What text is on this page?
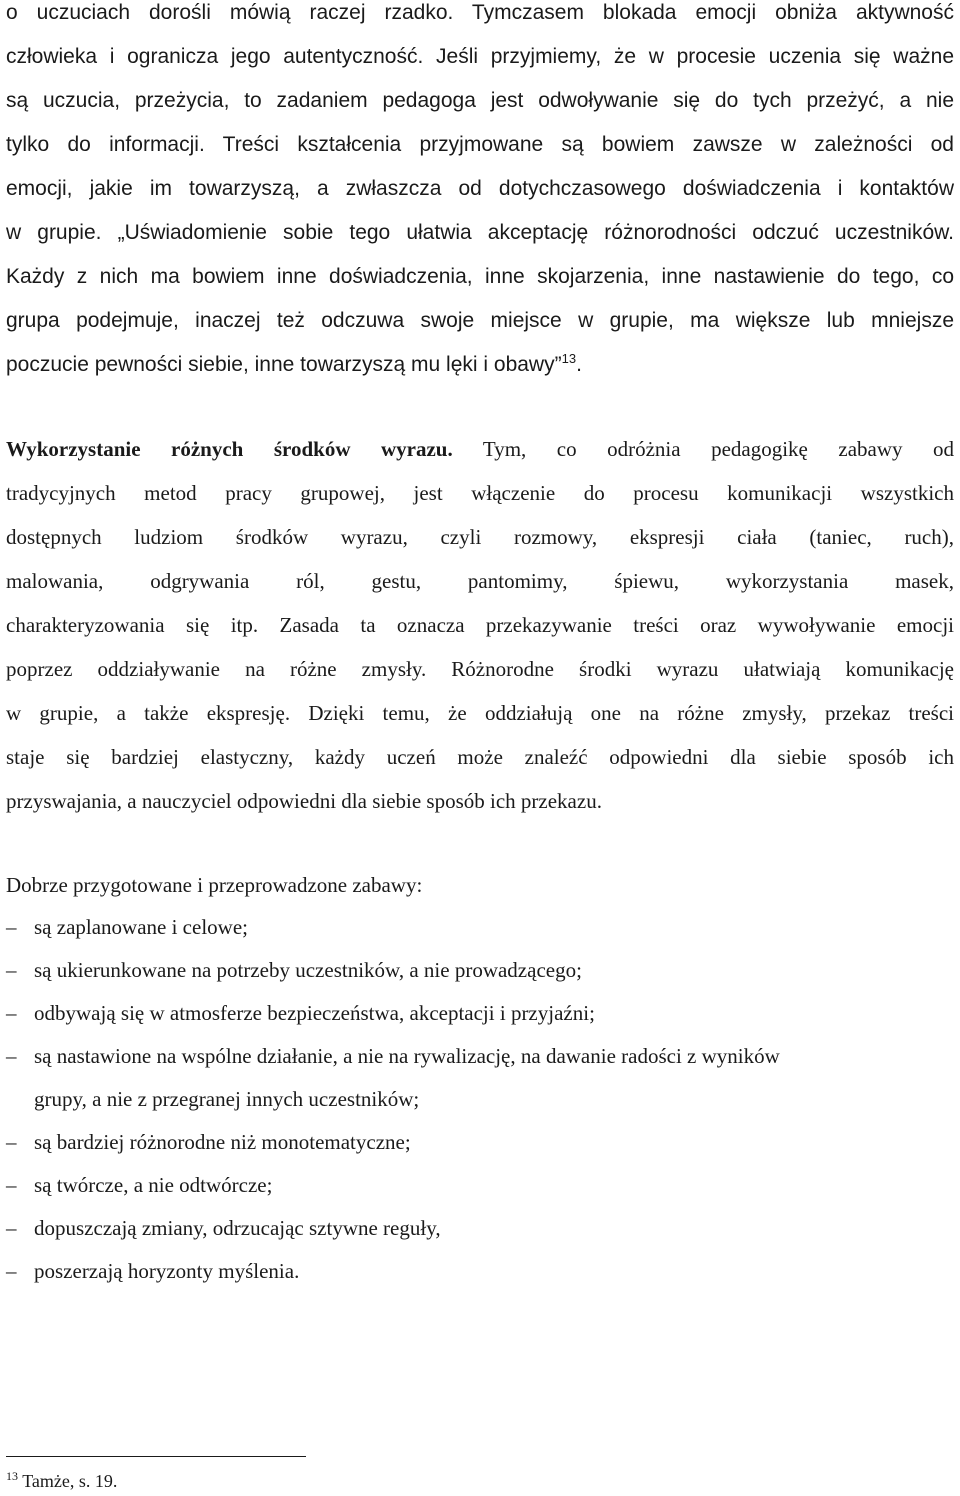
o uczuciach dorośli mówią raczej rzadko. Tymczasem blokada emocji obniża aktywność
człowieka i ogranicza jego autentyczność. Jeśli przyjmiemy, że w procesie uczenia się ważne
są uczucia, przeżycia, to zadaniem pedagoga jest odwoływanie się do tych przeżyć, a nie
tylko do informacji. Treści kształcenia przyjmowane są bowiem zawsze w zależności od
emocji, jakie im towarzyszą, a zwłaszcza od dotychczasowego doświadczenia i kontaktów
w grupie. „Uświadomienie sobie tego ułatwia akceptację różnorodności odczuć uczestników.
Każdy z nich ma bowiem inne doświadczenia, inne skojarzenia, inne nastawienie do tego, co
grupa podejmuje, inaczej też odczuwa swoje miejsce w grupie, ma większe lub mniejsze
poczucie pewności siebie, inne towarzyszą mu lęki i obawy”$^{13}$.
Wykorzystanie różnych środków wyrazu. Tym, co odróżnia pedagogikę zabawy od
tradycyjnych metod pracy grupowej, jest włączenie do procesu komunikacji wszystkich
dostępnych ludziom środków wyrazu, czyli rozmowy, ekspresji ciała (taniec, ruch),
malowania, odgrywania ról, gestu, pantomimy, śpiewu, wykorzystania masek,
charakteryzowania się itp. Zasada ta oznacza przekazywanie treści oraz wywoływanie emocji
poprzez oddziaływanie na różne zmysły. Różnorodne środki wyrazu ułatwiają komunikację
w grupie, a także ekspresję. Dzięki temu, że oddziałują one na różne zmysły, przekaz treści
staje się bardziej elastyczny, każdy uczeń może znaleźć odpowiedni dla siebie sposób ich
przyswajania, a nauczyciel odpowiedni dla siebie sposób ich przekazu.
Dobrze przygotowane i przeprowadzone zabawy:
– są zaplanowane i celowe;
– są ukierunkowane na potrzeby uczestników, a nie prowadzącego;
– odbywają się w atmosferze bezpieczeństwa, akceptacji i przyjaźni;
– są nastawione na wspólne działanie, a nie na rywalizację, na dawanie radości z wyników
grupy, a nie z przegranej innych uczestników;
– są bardziej różnorodne niż monotematyczne;
– są twórcze, a nie odtwórcze;
– dopuszczają zmiany, odrzucając sztywne reguły,
– poszerzają horyzonty myślenia.
$^{13}$ Tamże, s. 19.
